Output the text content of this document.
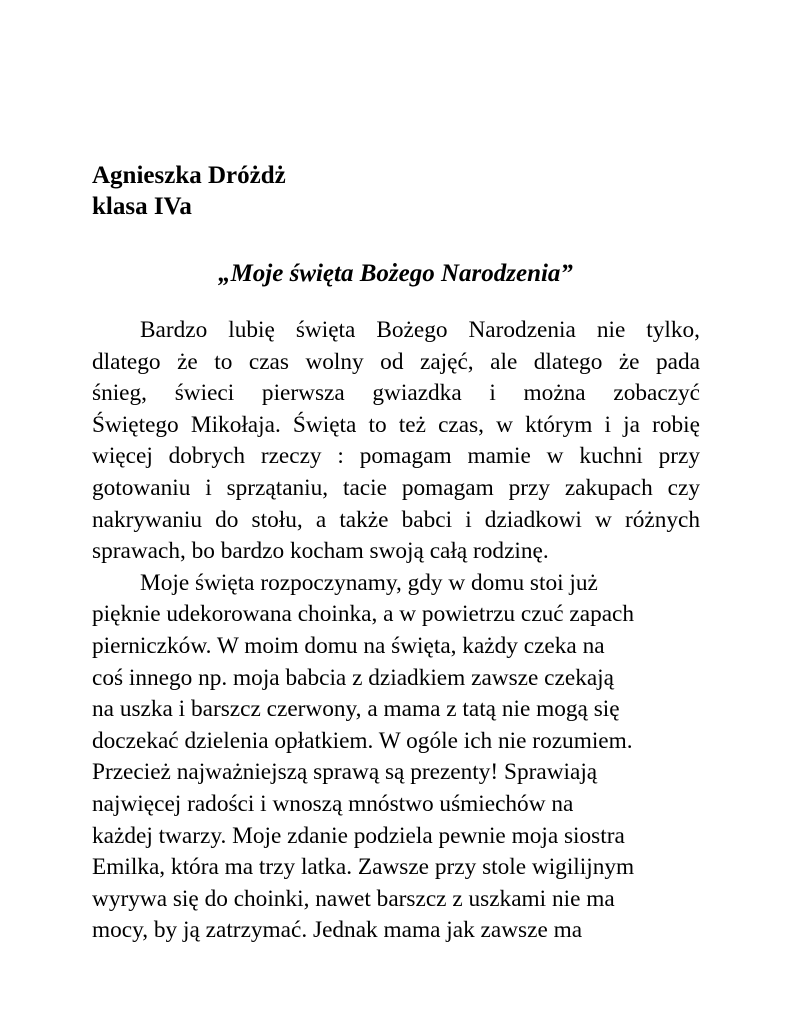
Agnieszka Dróżdż
klasa IVa
„Moje święta Bożego Narodzenia”
Bardzo lubię święta Bożego Narodzenia nie tylko,
dlatego że to czas wolny od zajęć, ale dlatego że pada
śnieg, świeci pierwsza gwiazdka i można zobaczyć
Świętego Mikołaja. Święta to też czas, w którym i ja robię
więcej dobrych rzeczy : pomagam mamie w kuchni przy
gotowaniu i sprzątaniu, tacie pomagam przy zakupach czy
nakrywaniu do stołu, a także babci i dziadkowi w różnych
sprawach, bo bardzo kocham swoją całą rodzinę.
Moje święta rozpoczynamy, gdy w domu stoi już
pięknie udekorowana choinka, a w powietrzu czuć zapach
pierniczków. W moim domu na święta, każdy czeka na
coś innego np. moja babcia z dziadkiem zawsze czekają
na uszka i barszcz czerwony, a mama z tatą nie mogą się
doczekać dzielenia opłatkiem. W ogóle ich nie rozumiem.
Przecież najważniejszą sprawą są prezenty! Sprawiają
najwięcej radości i wnoszą mnóstwo uśmiechów na
każdej twarzy. Moje zdanie podziela pewnie moja siostra
Emilka, która ma trzy latka. Zawsze przy stole wigilijnym
wyrywa się do choinki, nawet barszcz z uszkami nie ma
mocy, by ją zatrzymać. Jednak mama jak zawsze ma
